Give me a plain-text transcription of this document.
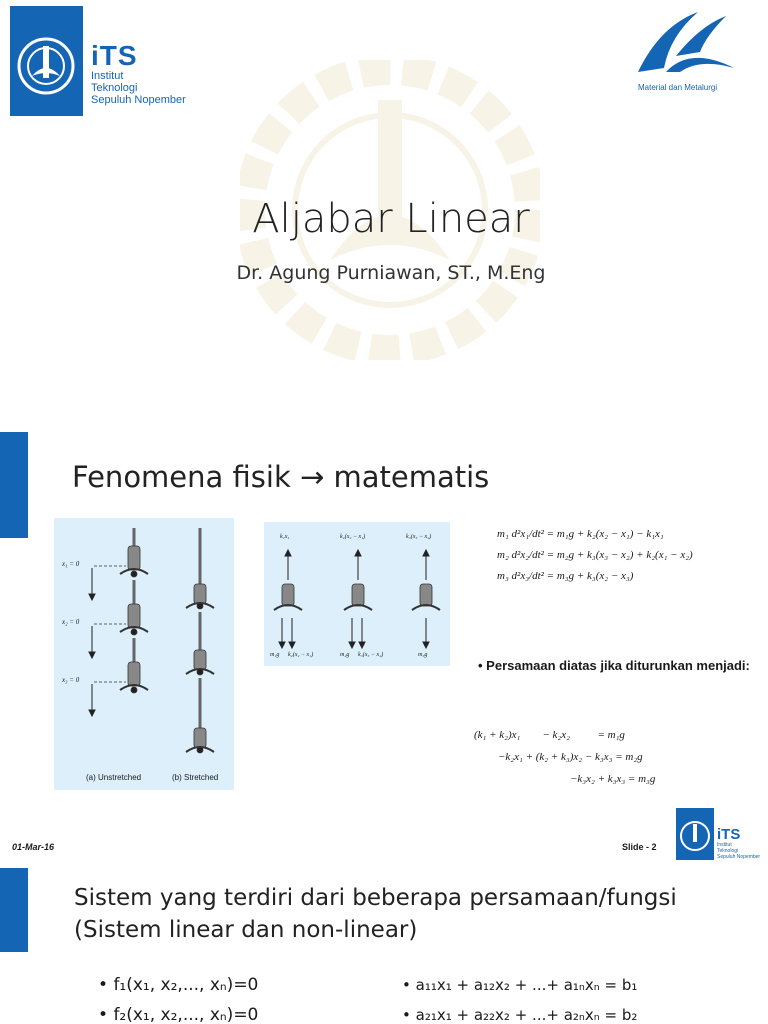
iTS
Institut
Teknologi
Sepuluh Nopember
Material dan Metalurgi
Aljabar Linear
Dr. Agung Purniawan, ST., M.Eng
Fenomena fisik → matematis
x₁ = 0
x₂ = 0
x₃ = 0
(a) Unstretched	(b) Stretched
k₁x₁	k₂(x₂ − x₁)	k₃(x₃ − x₂)
m₁g k₂(x₂ − x₁)	m₂g k₃(x₃ − x₂)	m₃g
m₁ d²x₁/dt² = m₁g + k₂(x₂ − x₁) − k₁x₁
m₂ d²x₂/dt² = m₂g + k₃(x₃ − x₂) + k₂(x₁ − x₂)
m₃ d²x₃/dt² = m₃g + k₃(x₂ − x₃)
• Persamaan diatas jika diturunkan menjadi:
(k₁ + k₂)x₁        − k₂x₂          = m₁g
−k₂x₁ + (k₂ + k₃)x₂ − k₃x₃ = m₂g
−k₃x₂ + k₃x₃ = m₃g
01-Mar-16	Slide - 2
iTS
Institut
Teknologi
Sepuluh Nopember
Sistem yang terdiri dari beberapa persamaan/fungsi
(Sistem linear dan non-linear)
• f₁(x₁, x₂,..., xₙ)=0
• f₂(x₁, x₂,..., xₙ)=0
• a₁₁x₁ + a₁₂x₂ + ...+ a₁ₙxₙ = b₁
• a₂₁x₁ + a₂₂x₂ + ...+ a₂ₙxₙ = b₂
